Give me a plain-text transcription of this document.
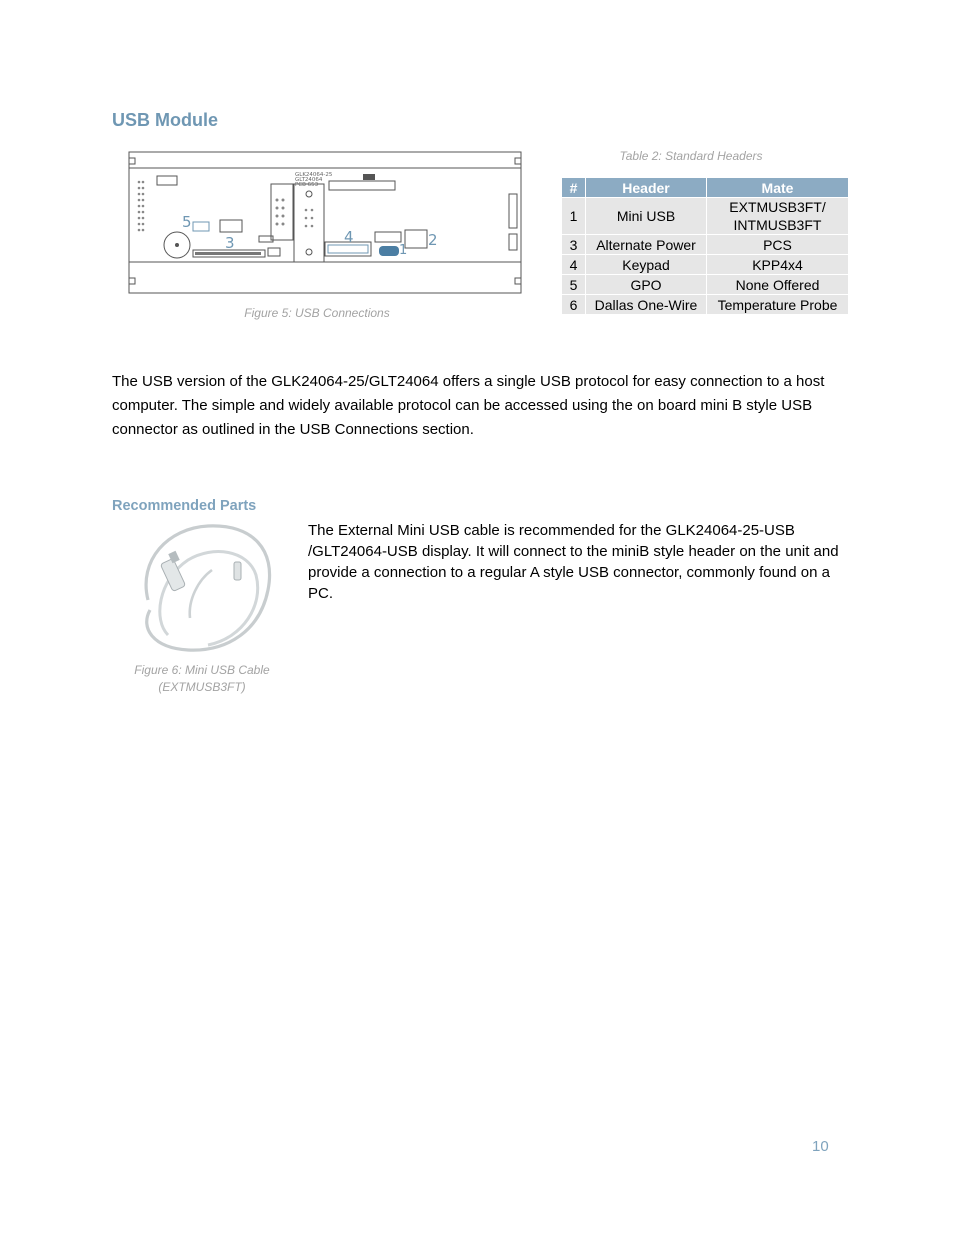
USB Module
GLK24064-25
GLT24064
PCB 653
5
3	4
1
2
Figure 5: USB Connections
Table 2: Standard Headers
#	Header	Mate
1	Mini USB	EXTMUSB3FT/
INTMUSB3FT

3	Alternate Power	PCS
4	Keypad	KPP4x4
5	GPO	None Offered
6	Dallas One-Wire	Temperature Probe

The USB version of the GLK24064-25/GLT24064 offers a single USB protocol for easy connection to a host computer. The simple and widely available protocol can be accessed using the on board mini B style USB connector as outlined in the USB Connections section.

Recommended Parts
Figure 6: Mini USB Cable
(EXTMUSB3FT)

The External Mini USB cable is recommended for the GLK24064-25-USB /GLT24064-USB display. It will connect to the miniB style header on the unit and provide a connection to a regular A style USB connector, commonly found on a PC.

10
